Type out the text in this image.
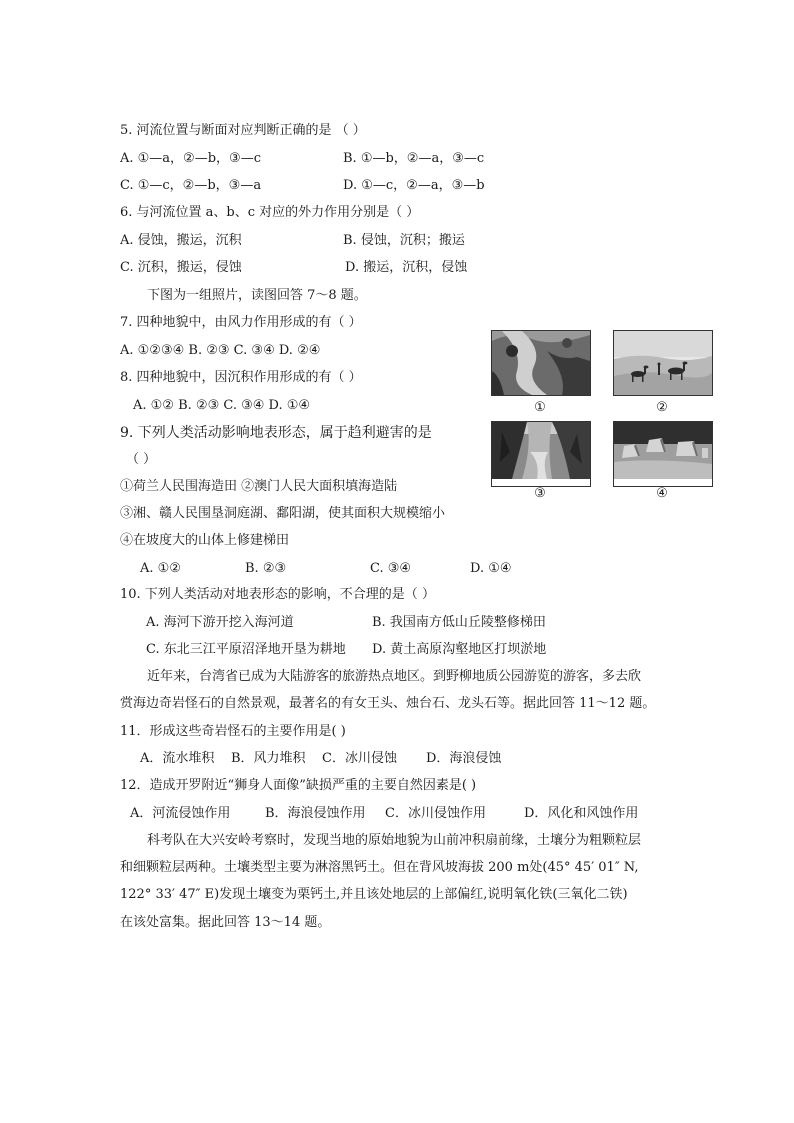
5. 河流位置与断面对应判断正确的是 （ ）
A. ①—a，②—b，③—c	B. ①—b，②—a，③—c
C. ①—c，②—b，③—a	D. ①—c，②—a，③—b
6. 与河流位置 a、b、c 对应的外力作用分别是（ ）
A. 侵蚀，搬运，沉积	B. 侵蚀，沉积；搬运
C. 沉积，搬运，侵蚀	D. 搬运，沉积，侵蚀
下图为一组照片，读图回答 7～8 题。
7. 四种地貌中，由风力作用形成的有（ ）
A. ①②③④ B. ②③ C. ③④ D. ②④
8. 四种地貌中，因沉积作用形成的有（ ）
A. ①② B. ②③ C. ③④ D. ①④
9. 下列人类活动影响地表形态，属于趋利避害的是
（ ）
①荷兰人民围海造田 ②澳门人民大面积填海造陆
③湘、赣人民围垦洞庭湖、鄱阳湖，使其面积大规模缩小
④在坡度大的山体上修建梯田
A. ①②	B. ②③	C. ③④	D. ①④
10. 下列人类活动对地表形态的影响，不合理的是（ ）
A. 海河下游开挖入海河道	B. 我国南方低山丘陵整修梯田
C. 东北三江平原沼泽地开垦为耕地 D. 黄土高原沟壑地区打坝淤地
近年来，台湾省已成为大陆游客的旅游热点地区。到野柳地质公园游览的游客，多去欣
赏海边奇岩怪石的自然景观，最著名的有女王头、烛台石、龙头石等。据此回答 11～12 题。
11．形成这些奇岩怪石的主要作用是( )
A．流水堆积 B．风力堆积 C．冰川侵蚀 D．海浪侵蚀
12．造成开罗附近“狮身人面像”缺损严重的主要自然因素是( )
A．河流侵蚀作用	B．海浪侵蚀作用 C．冰川侵蚀作用	D．风化和风蚀作用
科考队在大兴安岭考察时，发现当地的原始地貌为山前冲积扇前缘，土壤分为粗颗粒层
和细颗粒层两种。土壤类型主要为淋溶黑钙土。但在背风坡海拔 200 m处(45° 45′ 01″ N,
122° 33′ 47″ E)发现土壤变为栗钙土,并且该处地层的上部偏红,说明氧化铁(三氧化二铁)
在该处富集。据此回答 13～14 题。
①	②
③	④
